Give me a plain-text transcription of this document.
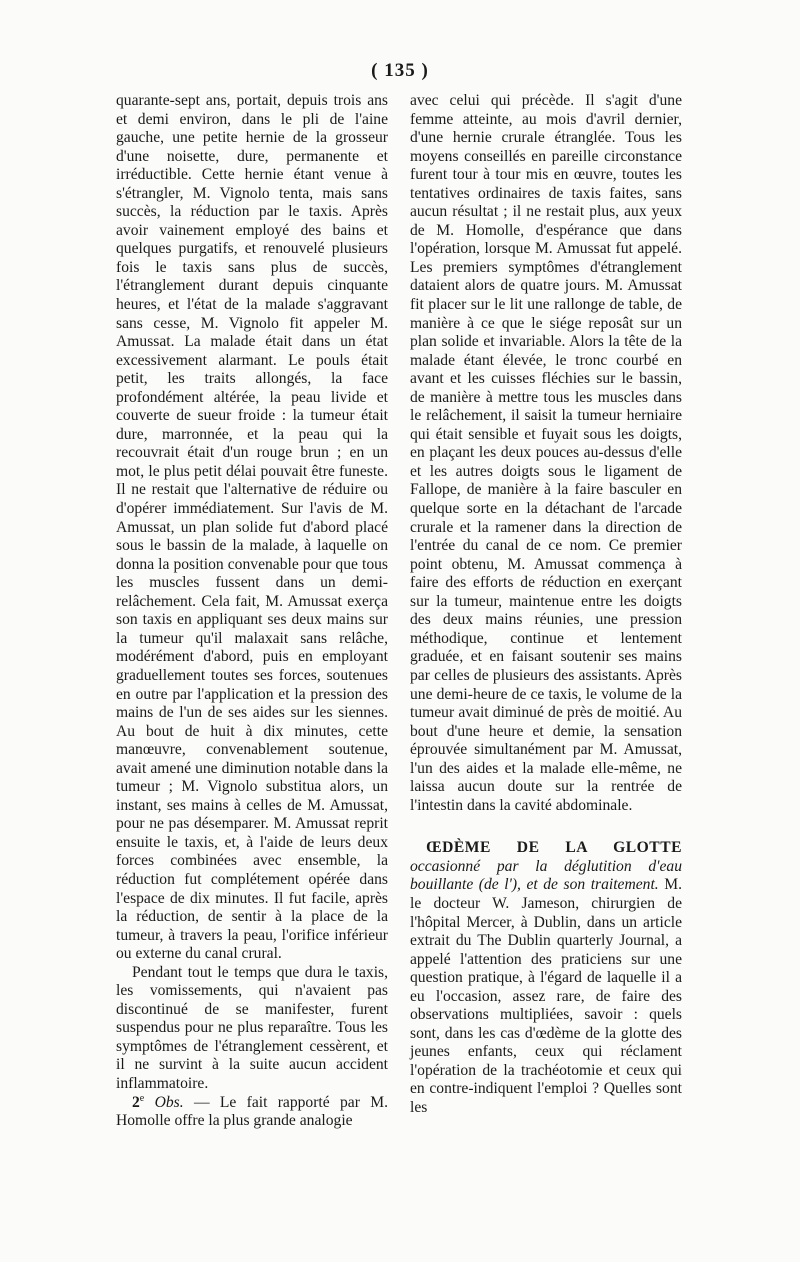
( 135 )

quarante-sept ans, portait, depuis trois ans et demi environ, dans le pli de l'aine gauche, une petite hernie de la grosseur d'une noisette, dure, permanente et irréductible. Cette hernie étant venue à s'étrangler, M. Vignolo tenta, mais sans succès, la réduction par le taxis. Après avoir vainement employé des bains et quelques purgatifs, et renouvelé plusieurs fois le taxis sans plus de succès, l'étranglement durant depuis cinquante heures, et l'état de la malade s'aggravant sans cesse, M. Vignolo fit appeler M. Amussat. La malade était dans un état excessivement alarmant. Le pouls était petit, les traits allongés, la face profondément altérée, la peau livide et couverte de sueur froide : la tumeur était dure, marronnée, et la peau qui la recouvrait était d'un rouge brun ; en un mot, le plus petit délai pouvait être funeste. Il ne restait que l'alternative de réduire ou d'opérer immédiatement. Sur l'avis de M. Amussat, un plan solide fut d'abord placé sous le bassin de la malade, à laquelle on donna la position convenable pour que tous les muscles fussent dans un demi-relâchement. Cela fait, M. Amussat exerça son taxis en appliquant ses deux mains sur la tumeur qu'il malaxait sans relâche, modérément d'abord, puis en employant graduellement toutes ses forces, soutenues en outre par l'application et la pression des mains de l'un de ses aides sur les siennes. Au bout de huit à dix minutes, cette manœuvre, convenablement soutenue, avait amené une diminution notable dans la tumeur ; M. Vignolo substitua alors, un instant, ses mains à celles de M. Amussat, pour ne pas désemparer. M. Amussat reprit ensuite le taxis, et, à l'aide de leurs deux forces combinées avec ensemble, la réduction fut complétement opérée dans l'espace de dix minutes. Il fut facile, après la réduction, de sentir à la place de la tumeur, à travers la peau, l'orifice inférieur ou externe du canal crural.

Pendant tout le temps que dura le taxis, les vomissements, qui n'avaient pas discontinué de se manifester, furent suspendus pour ne plus reparaître. Tous les symptômes de l'étranglement cessèrent, et il ne survint à la suite aucun accident inflammatoire.

2e Obs. — Le fait rapporté par M. Homolle offre la plus grande analogie

avec celui qui précède. Il s'agit d'une femme atteinte, au mois d'avril dernier, d'une hernie crurale étranglée. Tous les moyens conseillés en pareille circonstance furent tour à tour mis en œuvre, toutes les tentatives ordinaires de taxis faites, sans aucun résultat ; il ne restait plus, aux yeux de M. Homolle, d'espérance que dans l'opération, lorsque M. Amussat fut appelé. Les premiers symptômes d'étranglement dataient alors de quatre jours. M. Amussat fit placer sur le lit une rallonge de table, de manière à ce que le siége reposât sur un plan solide et invariable. Alors la tête de la malade étant élevée, le tronc courbé en avant et les cuisses fléchies sur le bassin, de manière à mettre tous les muscles dans le relâchement, il saisit la tumeur herniaire qui était sensible et fuyait sous les doigts, en plaçant les deux pouces au-dessus d'elle et les autres doigts sous le ligament de Fallope, de manière à la faire basculer en quelque sorte en la détachant de l'arcade crurale et la ramener dans la direction de l'entrée du canal de ce nom. Ce premier point obtenu, M. Amussat commença à faire des efforts de réduction en exerçant sur la tumeur, maintenue entre les doigts des deux mains réunies, une pression méthodique, continue et lentement graduée, et en faisant soutenir ses mains par celles de plusieurs des assistants. Après une demi-heure de ce taxis, le volume de la tumeur avait diminué de près de moitié. Au bout d'une heure et demie, la sensation éprouvée simultanément par M. Amussat, l'un des aides et la malade elle-même, ne laissa aucun doute sur la rentrée de l'intestin dans la cavité abdominale.

ŒDÈME DE LA GLOTTE occasionné par la déglutition d'eau bouillante (de l'), et de son traitement. M. le docteur W. Jameson, chirurgien de l'hôpital Mercer, à Dublin, dans un article extrait du The Dublin quarterly Journal, a appelé l'attention des praticiens sur une question pratique, à l'égard de laquelle il a eu l'occasion, assez rare, de faire des observations multipliées, savoir : quels sont, dans les cas d'œdème de la glotte des jeunes enfants, ceux qui réclament l'opération de la trachéotomie et ceux qui en contre-indiquent l'emploi ? Quelles sont les
